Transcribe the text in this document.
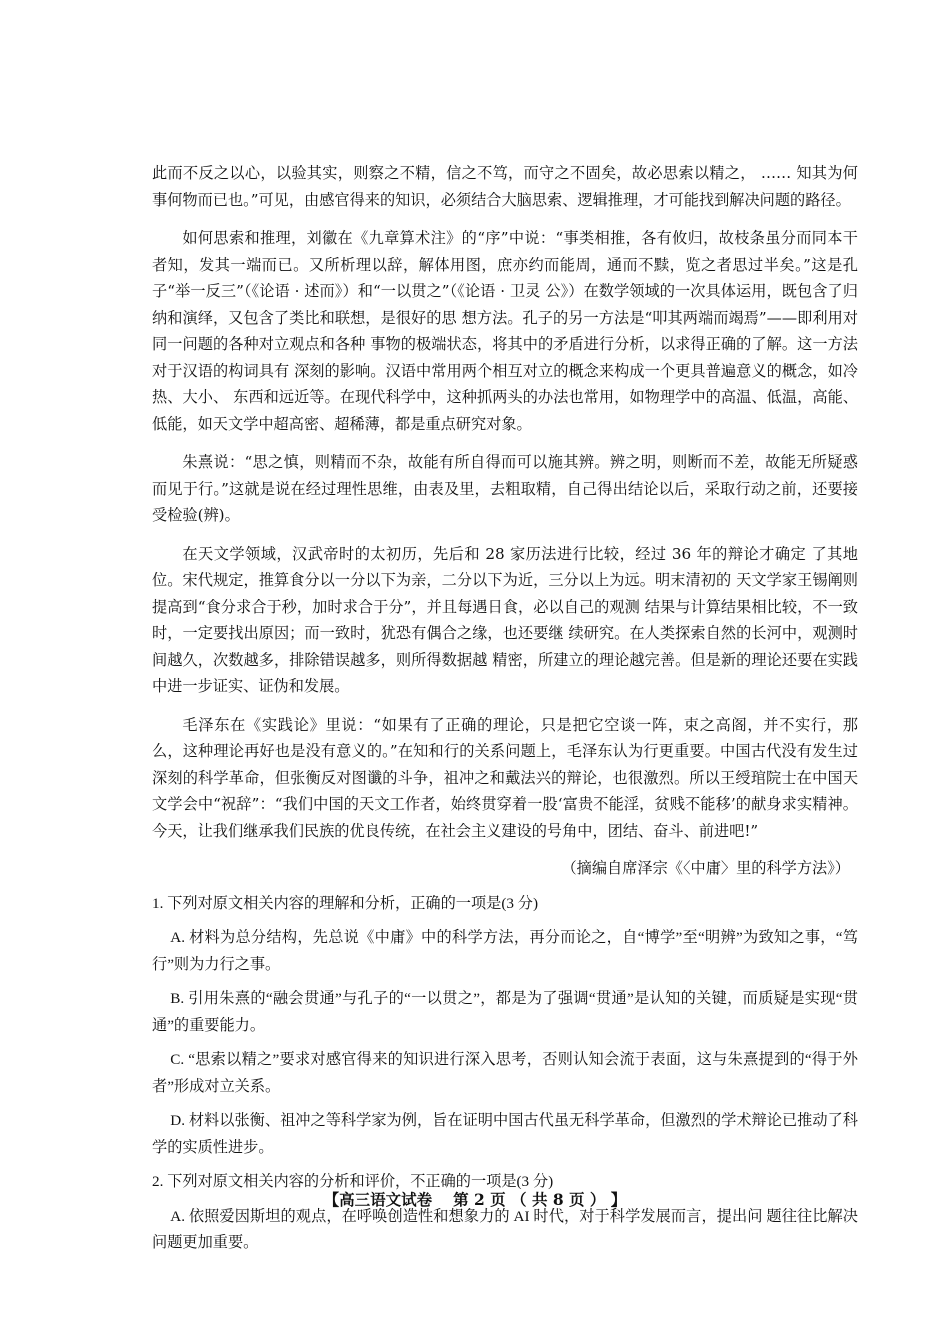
此而不反之以心，以验其实，则察之不精，信之不笃，而守之不固矣，故必思索以精之， …… 知其为何事何物而已也。”可见，由感官得来的知识，必须结合大脑思索、逻辑推理，才可能找到解决问题的路径。

如何思索和推理，刘徽在《九章算术注》的“序”中说：“事类相推，各有攸归，故枝条虽分而同本干者知，发其一端而已。又所析理以辞，解体用图，庶亦约而能周，通而不黩，览之者思过半矣。”这是孔子“举一反三”（《论语 · 述而》）和“一以贯之”（《论语 · 卫灵 公》）在数学领域的一次具体运用，既包含了归纳和演绎，又包含了类比和联想，是很好的思 想方法。孔子的另一方法是“叩其两端而竭焉”——即利用对同一问题的各种对立观点和各种 事物的极端状态，将其中的矛盾进行分析，以求得正确的了解。这一方法对于汉语的构词具有 深刻的影响。汉语中常用两个相互对立的概念来构成一个更具普遍意义的概念，如冷热、大小、 东西和远近等。在现代科学中，这种抓两头的办法也常用，如物理学中的高温、低温，高能、 低能，如天文学中超高密、超稀薄，都是重点研究对象。

朱熹说：“思之慎，则精而不杂，故能有所自得而可以施其辨。辨之明，则断而不差，故能无所疑惑而见于行。”这就是说在经过理性思维，由表及里，去粗取精，自己得出结论以后，采取行动之前，还要接受检验(辨)。

在天文学领域，汉武帝时的太初历，先后和 28 家历法进行比较，经过 36 年的辩论才确定 了其地位。宋代规定，推算食分以一分以下为亲，二分以下为近，三分以上为远。明末清初的 天文学家王锡阐则提高到“食分求合于秒，加时求合于分”，并且每遇日食，必以自己的观测 结果与计算结果相比较，不一致时，一定要找出原因；而一致时，犹恐有偶合之缘，也还要继 续研究。在人类探索自然的长河中，观测时间越久，次数越多，排除错误越多，则所得数据越 精密，所建立的理论越完善。但是新的理论还要在实践中进一步证实、证伪和发展。

毛泽东在《实践论》里说：“如果有了正确的理论，只是把它空谈一阵，束之高阁，并不实行，那么，这种理论再好也是没有意义的。”在知和行的关系问题上，毛泽东认为行更重要。中国古代没有发生过深刻的科学革命，但张衡反对图谶的斗争，祖冲之和戴法兴的辩论，也很激烈。所以王绶琯院士在中国天文学会中“祝辞”：“我们中国的天文工作者，始终贯穿着一股‘富贵不能淫，贫贱不能移’的献身求实精神。今天，让我们继承我们民族的优良传统，在社会主义建设的号角中，团结、奋斗、前进吧!”

（摘编自席泽宗《〈中庸〉里的科学方法》）

1. 下列对原文相关内容的理解和分析，正确的一项是(3 分)

A. 材料为总分结构，先总说《中庸》中的科学方法，再分而论之，自“博学”至“明辨”为致知之事，“笃行”则为力行之事。

B. 引用朱熹的“融会贯通”与孔子的“一以贯之”，都是为了强调“贯通”是认知的关键，而质疑是实现“贯通”的重要能力。

C. “思索以精之”要求对感官得来的知识进行深入思考，否则认知会流于表面，这与朱熹提到的“得于外者”形成对立关系。

D. 材料以张衡、祖冲之等科学家为例，旨在证明中国古代虽无科学革命，但激烈的学术辩论已推动了科学的实质性进步。

2. 下列对原文相关内容的分析和评价，不正确的一项是(3 分)

A. 依照爱因斯坦的观点，在呼唤创造性和想象力的 AI 时代，对于科学发展而言，提出问 题往往比解决问题更加重要。

【高三语文试卷　 第 2 页 （ 共 8 页 ） 】
